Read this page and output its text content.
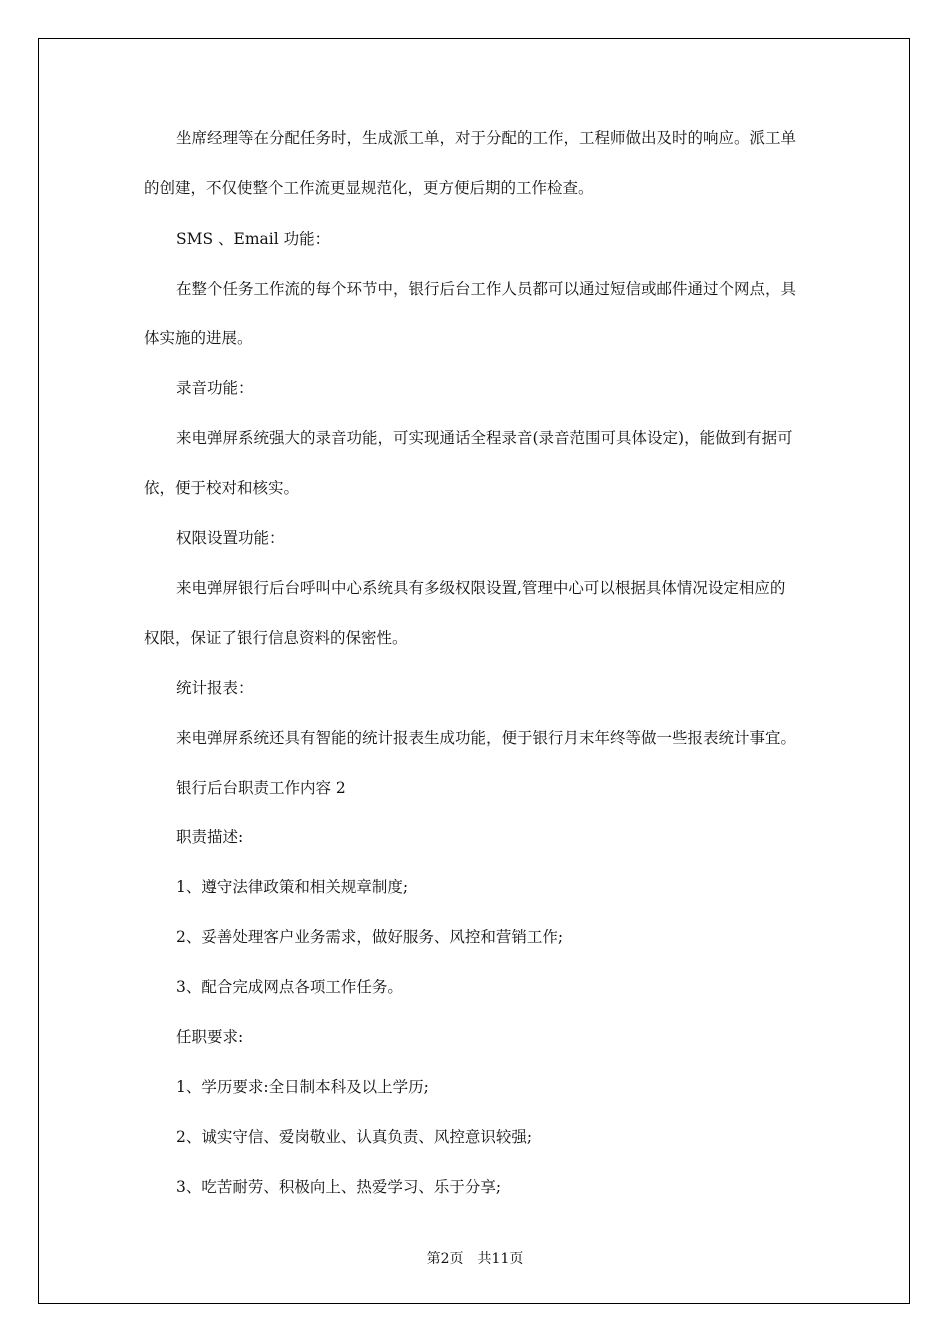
坐席经理等在分配任务时，生成派工单，对于分配的工作，工程师做出及时的响应。派工单
的创建，不仅使整个工作流更显规范化，更方便后期的工作检查。
SMS 、Email 功能：
在整个任务工作流的每个环节中，银行后台工作人员都可以通过短信或邮件通过个网点，具
体实施的进展。
录音功能：
来电弹屏系统强大的录音功能，可实现通话全程录音(录音范围可具体设定)，能做到有据可
依，便于校对和核实。
权限设置功能：
来电弹屏银行后台呼叫中心系统具有多级权限设置,管理中心可以根据具体情况设定相应的
权限，保证了银行信息资料的保密性。
统计报表：
来电弹屏系统还具有智能的统计报表生成功能，便于银行月末年终等做一些报表统计事宜。
银行后台职责工作内容 2
职责描述:
1、遵守法律政策和相关规章制度;
2、妥善处理客户业务需求，做好服务、风控和营销工作;
3、配合完成网点各项工作任务。
任职要求:
1、学历要求:全日制本科及以上学历;
2、诚实守信、爱岗敬业、认真负责、风控意识较强;
3、吃苦耐劳、积极向上、热爱学习、乐于分享;
第2页　共11页
